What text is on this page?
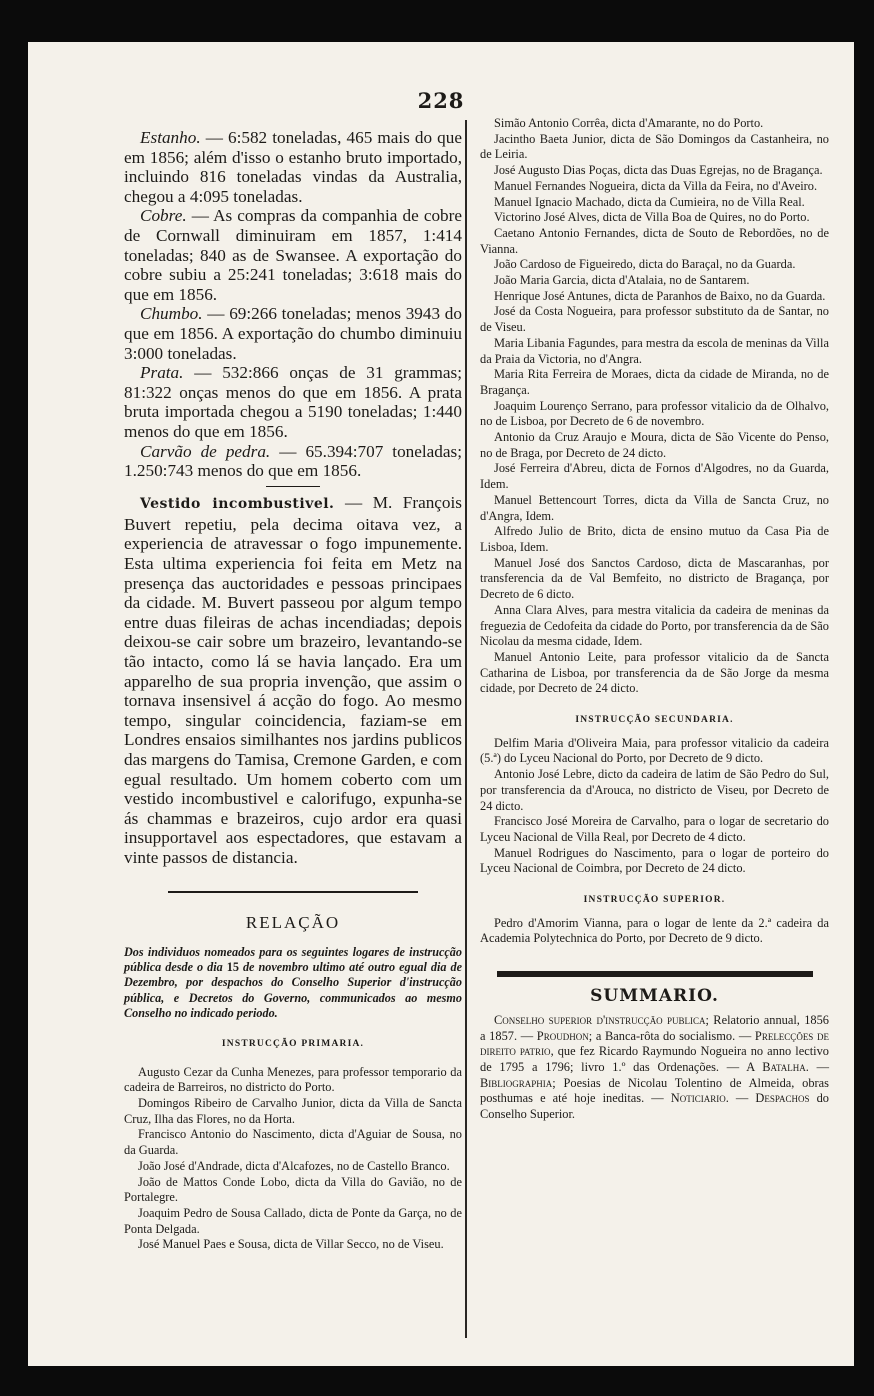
228

Estanho. — 6:582 toneladas, 465 mais do que em 1856; além d'isso o estanho bruto importado, incluindo 816 toneladas vindas da Australia, chegou a 4:095 toneladas.

Cobre. — As compras da companhia de cobre de Cornwall diminuiram em 1857, 1:414 toneladas; 840 as de Swansee. A exportação do cobre subiu a 25:241 toneladas; 3:618 mais do que em 1856.

Chumbo. — 69:266 toneladas; menos 3943 do que em 1856. A exportação do chumbo diminuiu 3:000 toneladas.

Prata. — 532:866 onças de 31 grammas; 81:322 onças menos do que em 1856. A prata bruta importada chegou a 5190 toneladas; 1:440 menos do que em 1856.

Carvão de pedra. — 65.394:707 toneladas; 1.250:743 menos do que em 1856.

Vestido incombustivel. — M. François Buvert repetiu, pela decima oitava vez, a experiencia de atravessar o fogo impunemente. Esta ultima experiencia foi feita em Metz na presença das auctoridades e pessoas principaes da cidade. M. Buvert passeou por algum tempo entre duas fileiras de achas incendiadas; depois deixou-se cair sobre um brazeiro, levantando-se tão intacto, como lá se havia lançado. Era um apparelho de sua propria invenção, que assim o tornava insensivel á acção do fogo. Ao mesmo tempo, singular coincidencia, faziam-se em Londres ensaios similhantes nos jardins publicos das margens do Tamisa, Cremone Garden, e com egual resultado. Um homem coberto com um vestido incombustivel e calorifugo, expunha-se ás chammas e brazeiros, cujo ardor era quasi insupportavel aos espectadores, que estavam a vinte passos de distancia.

RELAÇÃO
Dos individuos nomeados para os seguintes logares de instrucção pública desde o dia 15 de novembro ultimo até outro egual dia de Dezembro, por despachos do Conselho Superior d'instrucção pública, e Decretos do Governo, communicados ao mesmo Conselho no indicado periodo.
INSTRUCÇÃO PRIMARIA.

Augusto Cezar da Cunha Menezes, para professor temporario da cadeira de Barreiros, no districto do Porto.

Domingos Ribeiro de Carvalho Junior, dicta da Villa de Sancta Cruz, Ilha das Flores, no da Horta.

Francisco Antonio do Nascimento, dicta d'Aguiar de Sousa, no da Guarda.

João José d'Andrade, dicta d'Alcafozes, no de Castello Branco.

João de Mattos Conde Lobo, dicta da Villa do Gavião, no de Portalegre.

Joaquim Pedro de Sousa Callado, dicta de Ponte da Garça, no de Ponta Delgada.

José Manuel Paes e Sousa, dicta de Villar Secco, no de Viseu.

Simão Antonio Corrêa, dicta d'Amarante, no do Porto.

Jacintho Baeta Junior, dicta de São Domingos da Castanheira, no de Leiria.

José Augusto Dias Poças, dicta das Duas Egrejas, no de Bragança.

Manuel Fernandes Nogueira, dicta da Villa da Feira, no d'Aveiro.

Manuel Ignacio Machado, dicta da Cumieira, no de Villa Real.

Victorino José Alves, dicta de Villa Boa de Quires, no do Porto.

Caetano Antonio Fernandes, dicta de Souto de Rebordões, no de Vianna.

João Cardoso de Figueiredo, dicta do Baraçal, no da Guarda.

João Maria Garcia, dicta d'Atalaia, no de Santarem.

Henrique José Antunes, dicta de Paranhos de Baixo, no da Guarda.

José da Costa Nogueira, para professor substituto da de Santar, no de Viseu.

Maria Libania Fagundes, para mestra da escola de meninas da Villa da Praia da Victoria, no d'Angra.

Maria Rita Ferreira de Moraes, dicta da cidade de Miranda, no de Bragança.

Joaquim Lourenço Serrano, para professor vitalicio da de Olhalvo, no de Lisboa, por Decreto de 6 de novembro.

Antonio da Cruz Araujo e Moura, dicta de São Vicente do Penso, no de Braga, por Decreto de 24 dicto.

José Ferreira d'Abreu, dicta de Fornos d'Algodres, no da Guarda, Idem.

Manuel Bettencourt Torres, dicta da Villa de Sancta Cruz, no d'Angra, Idem.

Alfredo Julio de Brito, dicta de ensino mutuo da Casa Pia de Lisboa, Idem.

Manuel José dos Sanctos Cardoso, dicta de Mascaranhas, por transferencia da de Val Bemfeito, no districto de Bragança, por Decreto de 6 dicto.

Anna Clara Alves, para mestra vitalicia da cadeira de meninas da freguezia de Cedofeita da cidade do Porto, por transferencia da de São Nicolau da mesma cidade, Idem.

Manuel Antonio Leite, para professor vitalicio da de Sancta Catharina de Lisboa, por transferencia da de São Jorge da mesma cidade, por Decreto de 24 dicto.

INSTRUCÇÃO SECUNDARIA.

Delfim Maria d'Oliveira Maia, para professor vitalicio da cadeira (5.ª) do Lyceu Nacional do Porto, por Decreto de 9 dicto.

Antonio José Lebre, dicto da cadeira de latim de São Pedro do Sul, por transferencia da d'Arouca, no districto de Viseu, por Decreto de 24 dicto.

Francisco José Moreira de Carvalho, para o logar de secretario do Lyceu Nacional de Villa Real, por Decreto de 4 dicto.

Manuel Rodrigues do Nascimento, para o logar de porteiro do Lyceu Nacional de Coimbra, por Decreto de 24 dicto.

INSTRUCÇÃO SUPERIOR.

Pedro d'Amorim Vianna, para o logar de lente da 2.ª cadeira da Academia Polytechnica do Porto, por Decreto de 9 dicto.

SUMMARIO.

Conselho superior d'instrucção publica; Relatorio annual, 1856 a 1857. — Proudhon; a Banca-rôta do socialismo. — Prelecções de direito patrio, que fez Ricardo Raymundo Nogueira no anno lectivo de 1795 a 1796; livro 1.º das Ordenações. — A Batalha. — Bibliographia; Poesias de Nicolau Tolentino de Almeida, obras posthumas e até hoje ineditas. — Noticiario. — Despachos do Conselho Superior.
